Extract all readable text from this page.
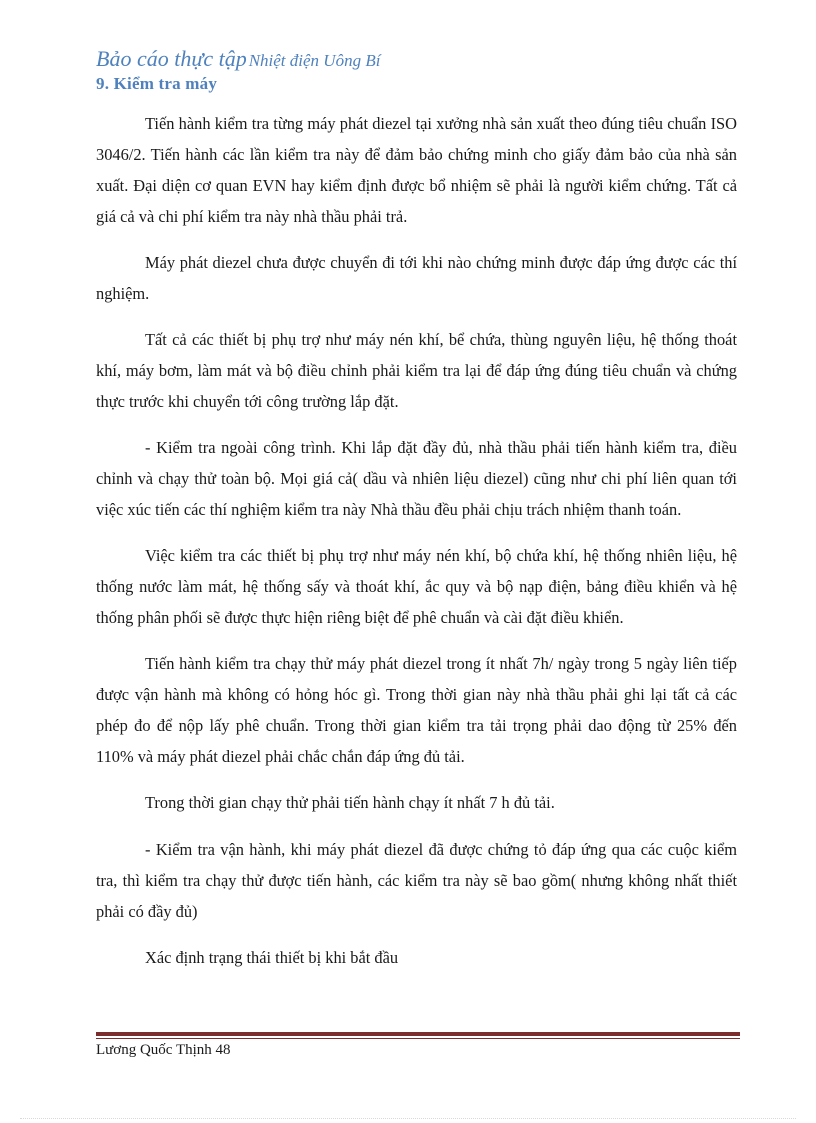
Bảo cáo thực tập Nhiệt điện Uông Bí
9. Kiểm tra máy

Tiến hành kiểm tra từng máy phát diezel tại xưởng nhà sản xuất theo đúng tiêu chuẩn ISO 3046/2. Tiến hành các lần kiểm tra này để đảm bảo chứng minh cho giấy đảm bảo của nhà sản xuất. Đại diện cơ quan EVN hay kiểm định được bổ nhiệm sẽ phải là người kiểm chứng. Tất cả giá cả và chi phí kiểm tra này nhà thầu phải trả.

Máy phát diezel chưa được chuyển đi tới khi nào chứng minh được đáp ứng được các thí nghiệm.

Tất cả các thiết bị phụ trợ như máy nén khí, bể chứa, thùng nguyên liệu, hệ thống thoát khí, máy bơm, làm mát và bộ điều chỉnh phải kiểm tra lại để đáp ứng đúng tiêu chuẩn và chứng thực trước khi chuyển tới công trường lắp đặt.

- Kiểm tra ngoài công trình. Khi lắp đặt đầy đủ, nhà thầu phải tiến hành kiểm tra, điều chỉnh và chạy thử toàn bộ. Mọi giá cả( dầu và nhiên liệu diezel) cũng như chi phí liên quan tới việc xúc tiến các thí nghiệm kiểm tra này Nhà thầu đều phải chịu trách nhiệm thanh toán.

Việc kiểm tra các thiết bị phụ trợ như máy nén khí, bộ chứa khí, hệ thống nhiên liệu, hệ thống nước làm mát, hệ thống sấy và thoát khí, ắc quy và bộ nạp điện, bảng điều khiển và hệ thống phân phối sẽ được thực hiện riêng biệt để phê chuẩn và cài đặt điều khiển.

Tiến hành kiểm tra chạy thử máy phát diezel trong ít nhất 7h/ ngày trong 5 ngày liên tiếp được vận hành mà không có hỏng hóc gì. Trong thời gian này nhà thầu phải ghi lại tất cả các phép đo để nộp lấy phê chuẩn. Trong thời gian kiểm tra tải trọng phải dao động từ 25% đến 110% và máy phát diezel phải chắc chắn đáp ứng đủ tải.

Trong thời gian chạy thử phải tiến hành chạy ít nhất 7 h đủ tải.

- Kiểm tra vận hành, khi máy phát diezel đã được chứng tỏ đáp ứng qua các cuộc kiểm tra, thì kiểm tra chạy thử được tiến hành, các kiểm tra này sẽ bao gồm( nhưng không nhất thiết phải có đầy đủ)

Xác định trạng thái thiết bị khi bắt đầu

Lương Quốc Thịnh 48
